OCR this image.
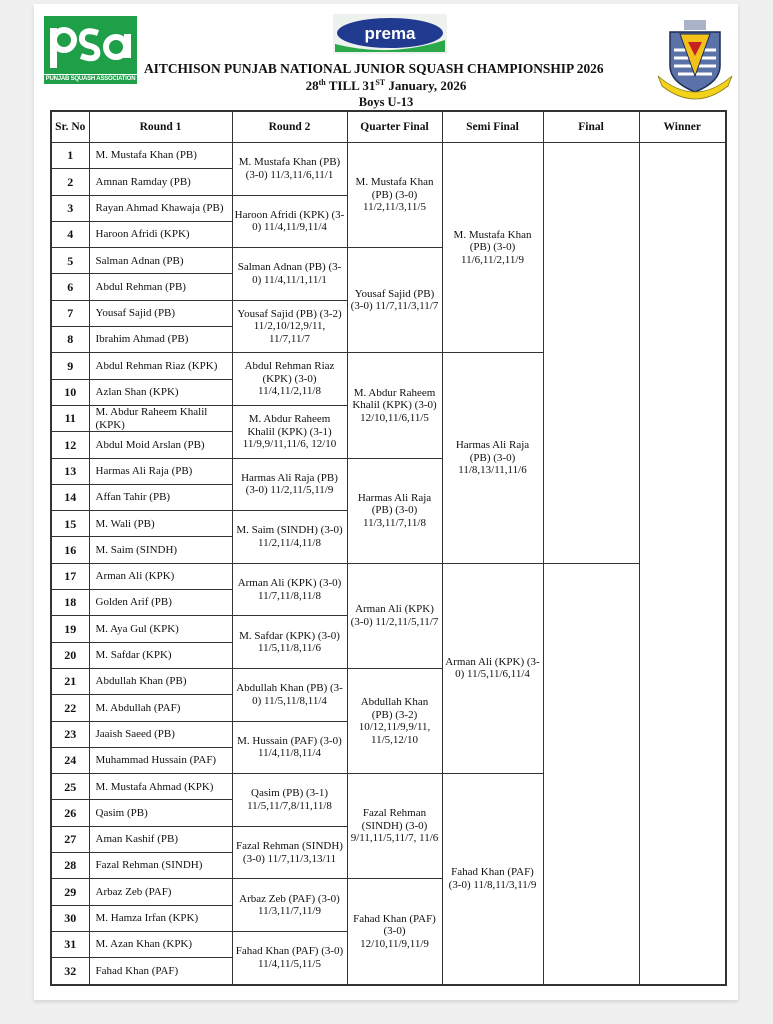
PUNJAB SQUASH ASSOCIATION
prema
AITCHISON PUNJAB NATIONAL JUNIOR SQUASH CHAMPIONSHIP 2026
28th TILL 31ST January, 2026
Boys U-13
Sr. No	Round 1	Round 2	Quarter Final	Semi Final	Final	Winner
1	M. Mustafa Khan (PB)	M. Mustafa Khan (PB) (3-0) 11/3,11/6,11/1	M. Mustafa Khan (PB) (3-0) 11/2,11/3,11/5	M. Mustafa Khan (PB) (3-0) 11/6,11/2,11/9		
2	Amnan Ramday (PB)					
3	Rayan Ahmad Khawaja (PB)	Haroon Afridi (KPK) (3-0) 11/4,11/9,11/4				
4	Haroon Afridi (KPK)					
5	Salman Adnan (PB)	Salman Adnan (PB) (3-0) 11/4,11/1,11/1	Yousaf Sajid (PB) (3-0) 11/7,11/3,11/7			
6	Abdul Rehman (PB)					
7	Yousaf Sajid (PB)	Yousaf Sajid (PB) (3-2) 11/2,10/12,9/11, 11/7,11/7				
8	Ibrahim Ahmad (PB)					
9	Abdul Rehman Riaz (KPK)	Abdul Rehman Riaz (KPK) (3-0) 11/4,11/2,11/8	M. Abdur Raheem Khalil (KPK) (3-0) 12/10,11/6,11/5	Harmas Ali Raja (PB) (3-0) 11/8,13/11,11/6		
10	Azlan Shan (KPK)					
11	M. Abdur Raheem Khalil (KPK)	M. Abdur Raheem Khalil (KPK) (3-1) 11/9,9/11,11/6, 12/10				
12	Abdul Moid Arslan (PB)					
13	Harmas Ali Raja (PB)	Harmas Ali Raja (PB) (3-0) 11/2,11/5,11/9	Harmas Ali Raja (PB) (3-0) 11/3,11/7,11/8			
14	Affan Tahir (PB)					
15	M. Wali (PB)	M. Saim (SINDH) (3-0) 11/2,11/4,11/8				
16	M. Saim (SINDH)					
17	Arman Ali (KPK)	Arman Ali (KPK) (3-0) 11/7,11/8,11/8	Arman Ali (KPK) (3-0) 11/2,11/5,11/7	Arman Ali (KPK) (3-0) 11/5,11/6,11/4		
18	Golden Arif (PB)					
19	M. Aya Gul (KPK)	M. Safdar (KPK) (3-0) 11/5,11/8,11/6				
20	M. Safdar (KPK)					
21	Abdullah Khan (PB)	Abdullah Khan (PB) (3-0) 11/5,11/8,11/4	Abdullah Khan (PB) (3-2) 10/12,11/9,9/11, 11/5,12/10			
22	M. Abdullah (PAF)					
23	Jaaish Saeed (PB)	M. Hussain (PAF) (3-0) 11/4,11/8,11/4				
24	Muhammad Hussain (PAF)					
25	M. Mustafa Ahmad (KPK)	Qasim (PB) (3-1) 11/5,11/7,8/11,11/8	Fazal Rehman (SINDH) (3-0) 9/11,11/5,11/7, 11/6	Fahad Khan (PAF) (3-0) 11/8,11/3,11/9		
26	Qasim (PB)					
27	Aman Kashif (PB)	Fazal Rehman (SINDH) (3-0) 11/7,11/3,13/11				
28	Fazal Rehman (SINDH)					
29	Arbaz Zeb (PAF)	Arbaz Zeb (PAF) (3-0) 11/3,11/7,11/9	Fahad Khan (PAF) (3-0) 12/10,11/9,11/9			
30	M. Hamza Irfan (KPK)					
31	M. Azan Khan (KPK)	Fahad Khan (PAF) (3-0) 11/4,11/5,11/5				
32	Fahad Khan (PAF)					
